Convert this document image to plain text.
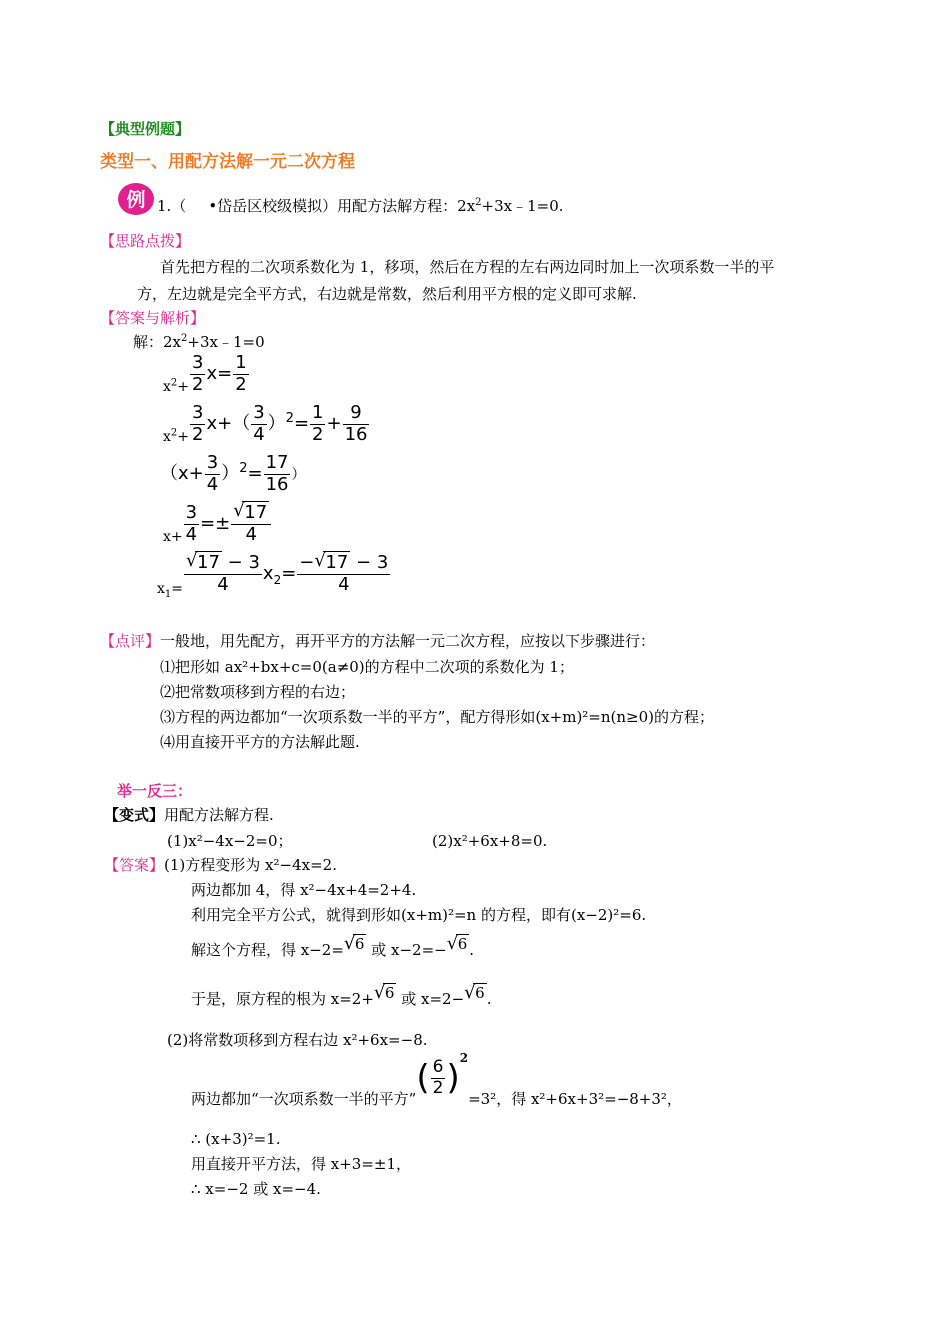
【典型例题】
类型一、用配方法解一元二次方程
例 1.（ •岱岳区校级模拟）用配方法解方程：$2x^2+3x﹣1=0$.
【思路点拨】
首先把方程的二次项系数化为 1，移项，然后在方程的左右两边同时加上一次项系数一半的平
方，左边就是完全平方式，右边就是常数，然后利用平方根的定义即可求解.
【答案与解析】
解：$2x^2+3x﹣1=0$
$_{x^2+} \frac{3}{2} x= \frac{1}{2}$
$_{x^2+} \frac{3}{2} x+( \frac{3}{4} )^2= \frac{1}{2} + \frac{9}{16}$
$(x+ \frac{3}{4} )^2= \frac{17}{16}$ ）
$_{x+} \frac{3}{4} =\pm \frac{√ 17}{4}$
$_{x_1=} \frac{√ 17 - 3}{4} x_2= \frac{- √ 17 - 3}{4}$
【点评】一般地，用先配方，再开平方的方法解一元二次方程，应按以下步骤进行：
⑴把形如 ax²+bx+c=0(a≠0)的方程中二次项的系数化为 1；
⑵把常数项移到方程的右边；
⑶方程的两边都加“一次项系数一半的平方”，配方得形如(x+m)²=n(n≥0)的方程；
⑷用直接开平方的方法解此题.
举一反三：
【变式】用配方法解方程.
(1)x²−4x−2=0；	(2)x²+6x+8=0.
【答案】(1)方程变形为 x²−4x=2.
两边都加 4，得 x²−4x+4=2+4.
利用完全平方公式，就得到形如(x+m)²=n 的方程，即有(x−2)²=6.
解这个方程，得 x−2= √ 6 或 x−2=− √ 6 .
于是，原方程的根为 x=2+ √ 6 或 x=2− √ 6 .
(2)将常数项移到方程右边 x²+6x=−8.
两边都加“一次项系数一半的平方”( $\frac{6}{2} )^2=3^2$，得 x²+6x+3²=−8+3²，
∴ (x+3)²=1.
用直接开平方法，得 x+3=±1，
∴ x=−2 或 x=−4.
